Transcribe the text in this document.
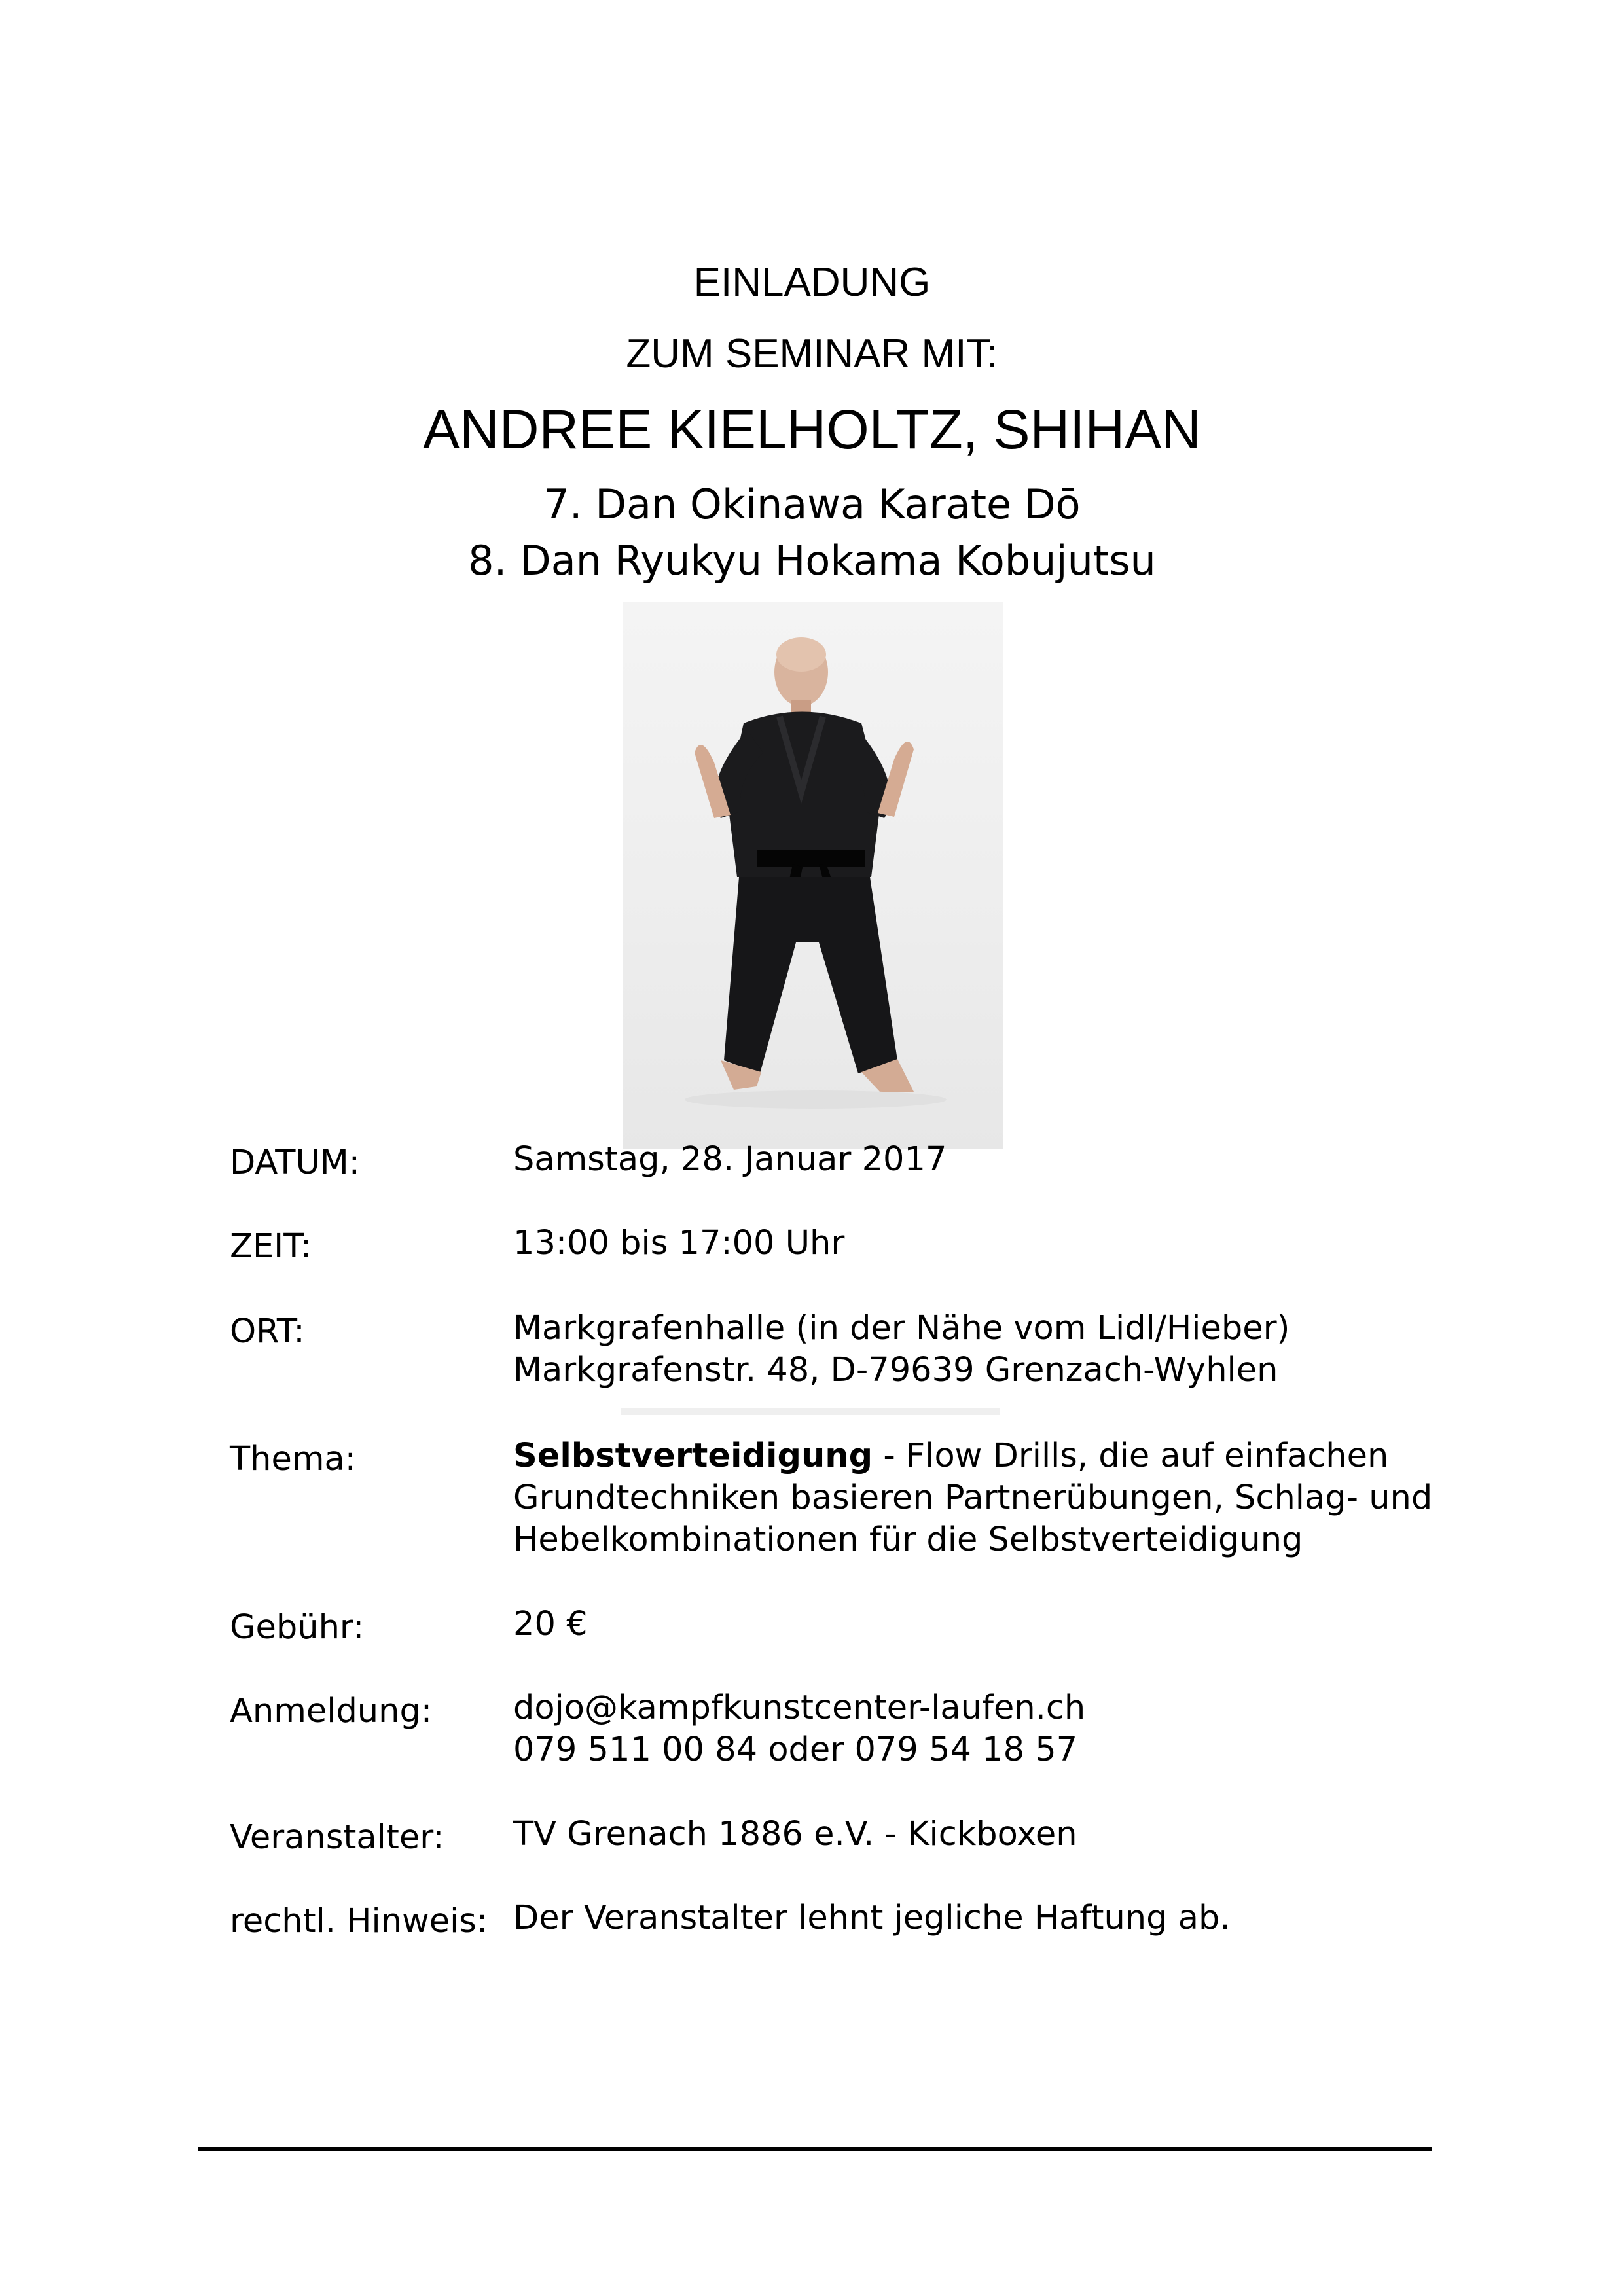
EINLADUNG
ZUM SEMINAR MIT:
ANDREE KIELHOLTZ, SHIHAN
7. Dan Okinawa Karate Dō
8. Dan Ryukyu Hokama Kobujutsu
DATUM:	Samstag, 28. Januar 2017
ZEIT:	13:00 bis 17:00 Uhr
ORT:	Markgrafenhalle (in der Nähe vom Lidl/Hieber)
Markgrafenstr. 48, D-79639 Grenzach-Wyhlen
Thema:	Selbstverteidigung - Flow Drills, die auf einfachen
Grundtechniken basieren Partnerübungen, Schlag- und
Hebelkombinationen für die Selbstverteidigung
Gebühr:	20 €
Anmeldung: dojo@kampfkunstcenter-laufen.ch
079 511 00 84 oder 079 54 18 57
Veranstalter: TV Grenach 1886 e.V. - Kickboxen
rechtl. Hinweis: Der Veranstalter lehnt jegliche Haftung ab.
